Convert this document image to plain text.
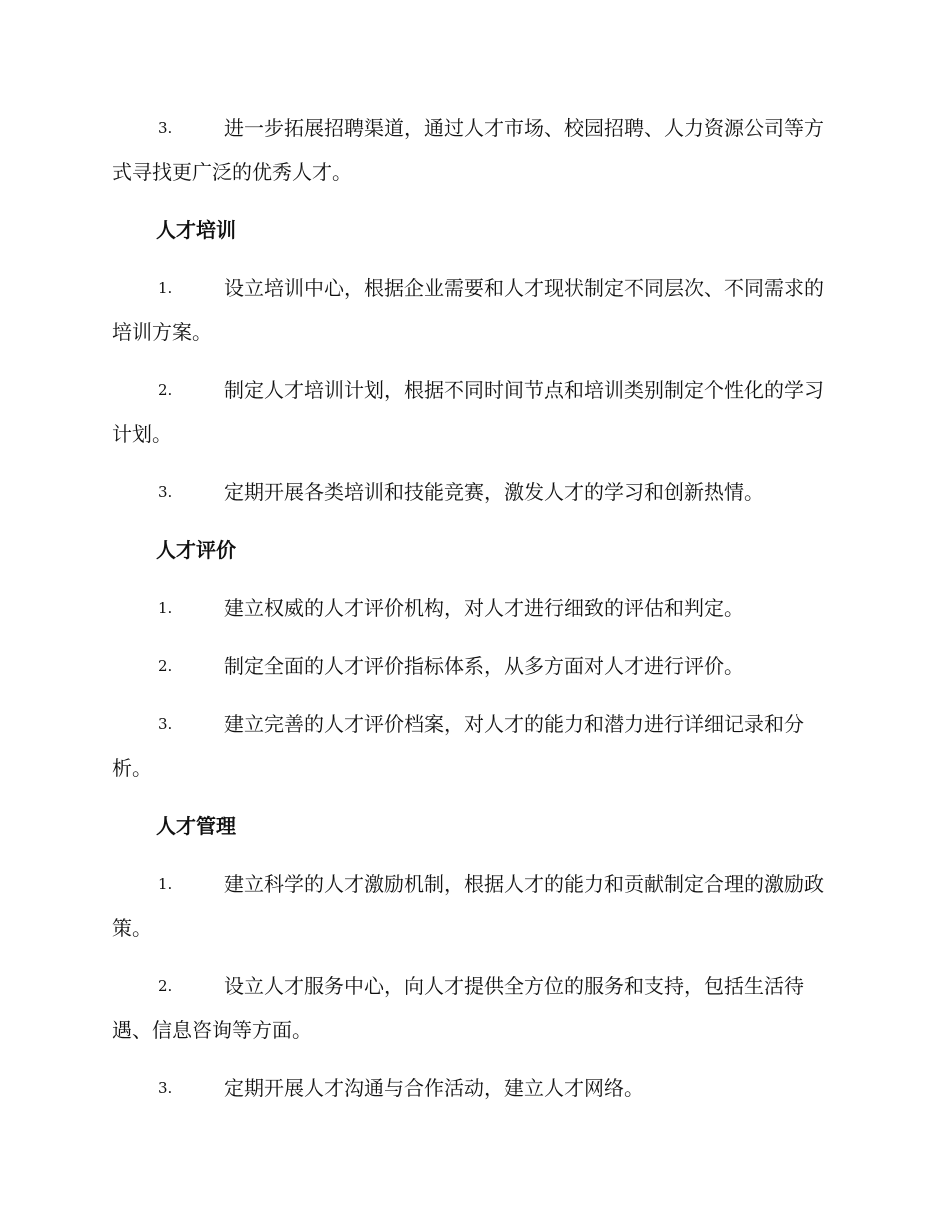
3.	进一步拓展招聘渠道，通过人才市场、校园招聘、人力资源公司等方式寻找更广泛的优秀人才。

人才培训

1.	设立培训中心，根据企业需要和人才现状制定不同层次、不同需求的培训方案。

2.	制定人才培训计划，根据不同时间节点和培训类别制定个性化的学习计划。

3.	定期开展各类培训和技能竞赛，激发人才的学习和创新热情。

人才评价

1.	建立权威的人才评价机构，对人才进行细致的评估和判定。

2.	制定全面的人才评价指标体系，从多方面对人才进行评价。

3.	建立完善的人才评价档案，对人才的能力和潜力进行详细记录和分析。

人才管理

1.	建立科学的人才激励机制，根据人才的能力和贡献制定合理的激励政策。

2.	设立人才服务中心，向人才提供全方位的服务和支持，包括生活待遇、信息咨询等方面。

3.	定期开展人才沟通与合作活动，建立人才网络。
